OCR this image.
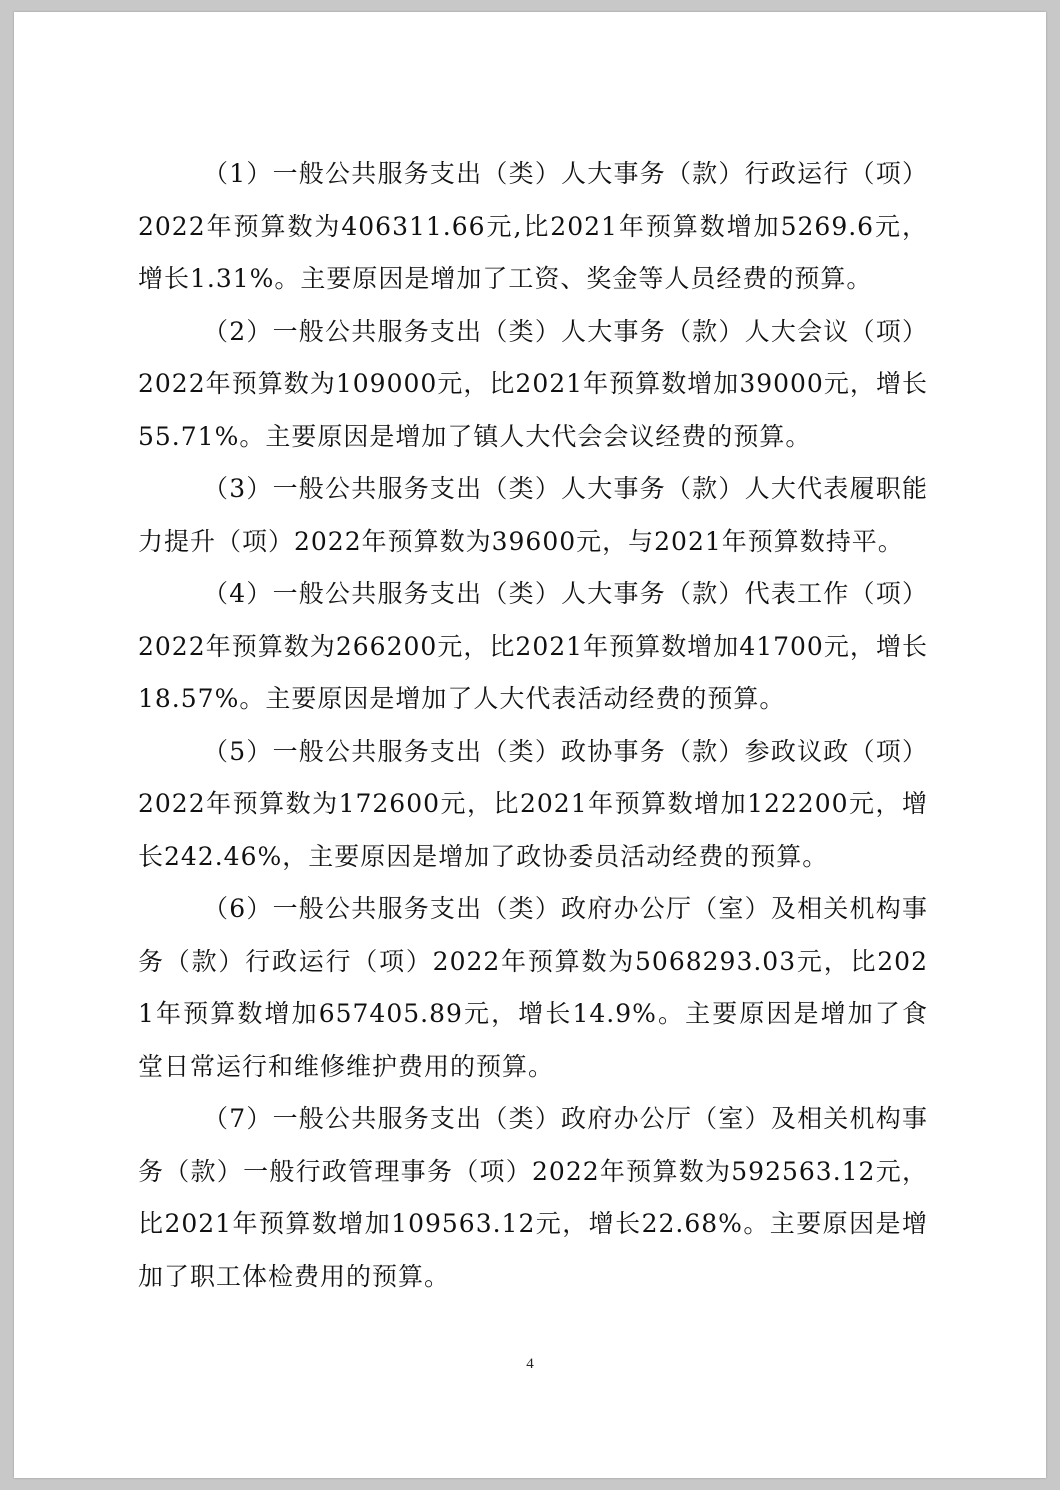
（1）一般公共服务支出（类）人大事务（款）行政运行（项）2022年预算数为406311.66元,比2021年预算数增加5269.6元，增长1.31%。主要原因是增加了工资、奖金等人员经费的预算。

（2）一般公共服务支出（类）人大事务（款）人大会议（项）2022年预算数为109000元，比2021年预算数增加39000元，增长55.71%。主要原因是增加了镇人大代会会议经费的预算。

（3）一般公共服务支出（类）人大事务（款）人大代表履职能力提升（项）2022年预算数为39600元，与2021年预算数持平。

（4）一般公共服务支出（类）人大事务（款）代表工作（项）2022年预算数为266200元，比2021年预算数增加41700元，增长18.57%。主要原因是增加了人大代表活动经费的预算。

（5）一般公共服务支出（类）政协事务（款）参政议政（项）2022年预算数为172600元，比2021年预算数增加122200元，增长242.46%，主要原因是增加了政协委员活动经费的预算。

（6）一般公共服务支出（类）政府办公厅（室）及相关机构事务（款）行政运行（项）2022年预算数为5068293.03元，比2021年预算数增加657405.89元，增长14.9%。主要原因是增加了食堂日常运行和维修维护费用的预算。

（7）一般公共服务支出（类）政府办公厅（室）及相关机构事务（款）一般行政管理事务（项）2022年预算数为592563.12元，比2021年预算数增加109563.12元，增长22.68%。主要原因是增加了职工体检费用的预算。

4
